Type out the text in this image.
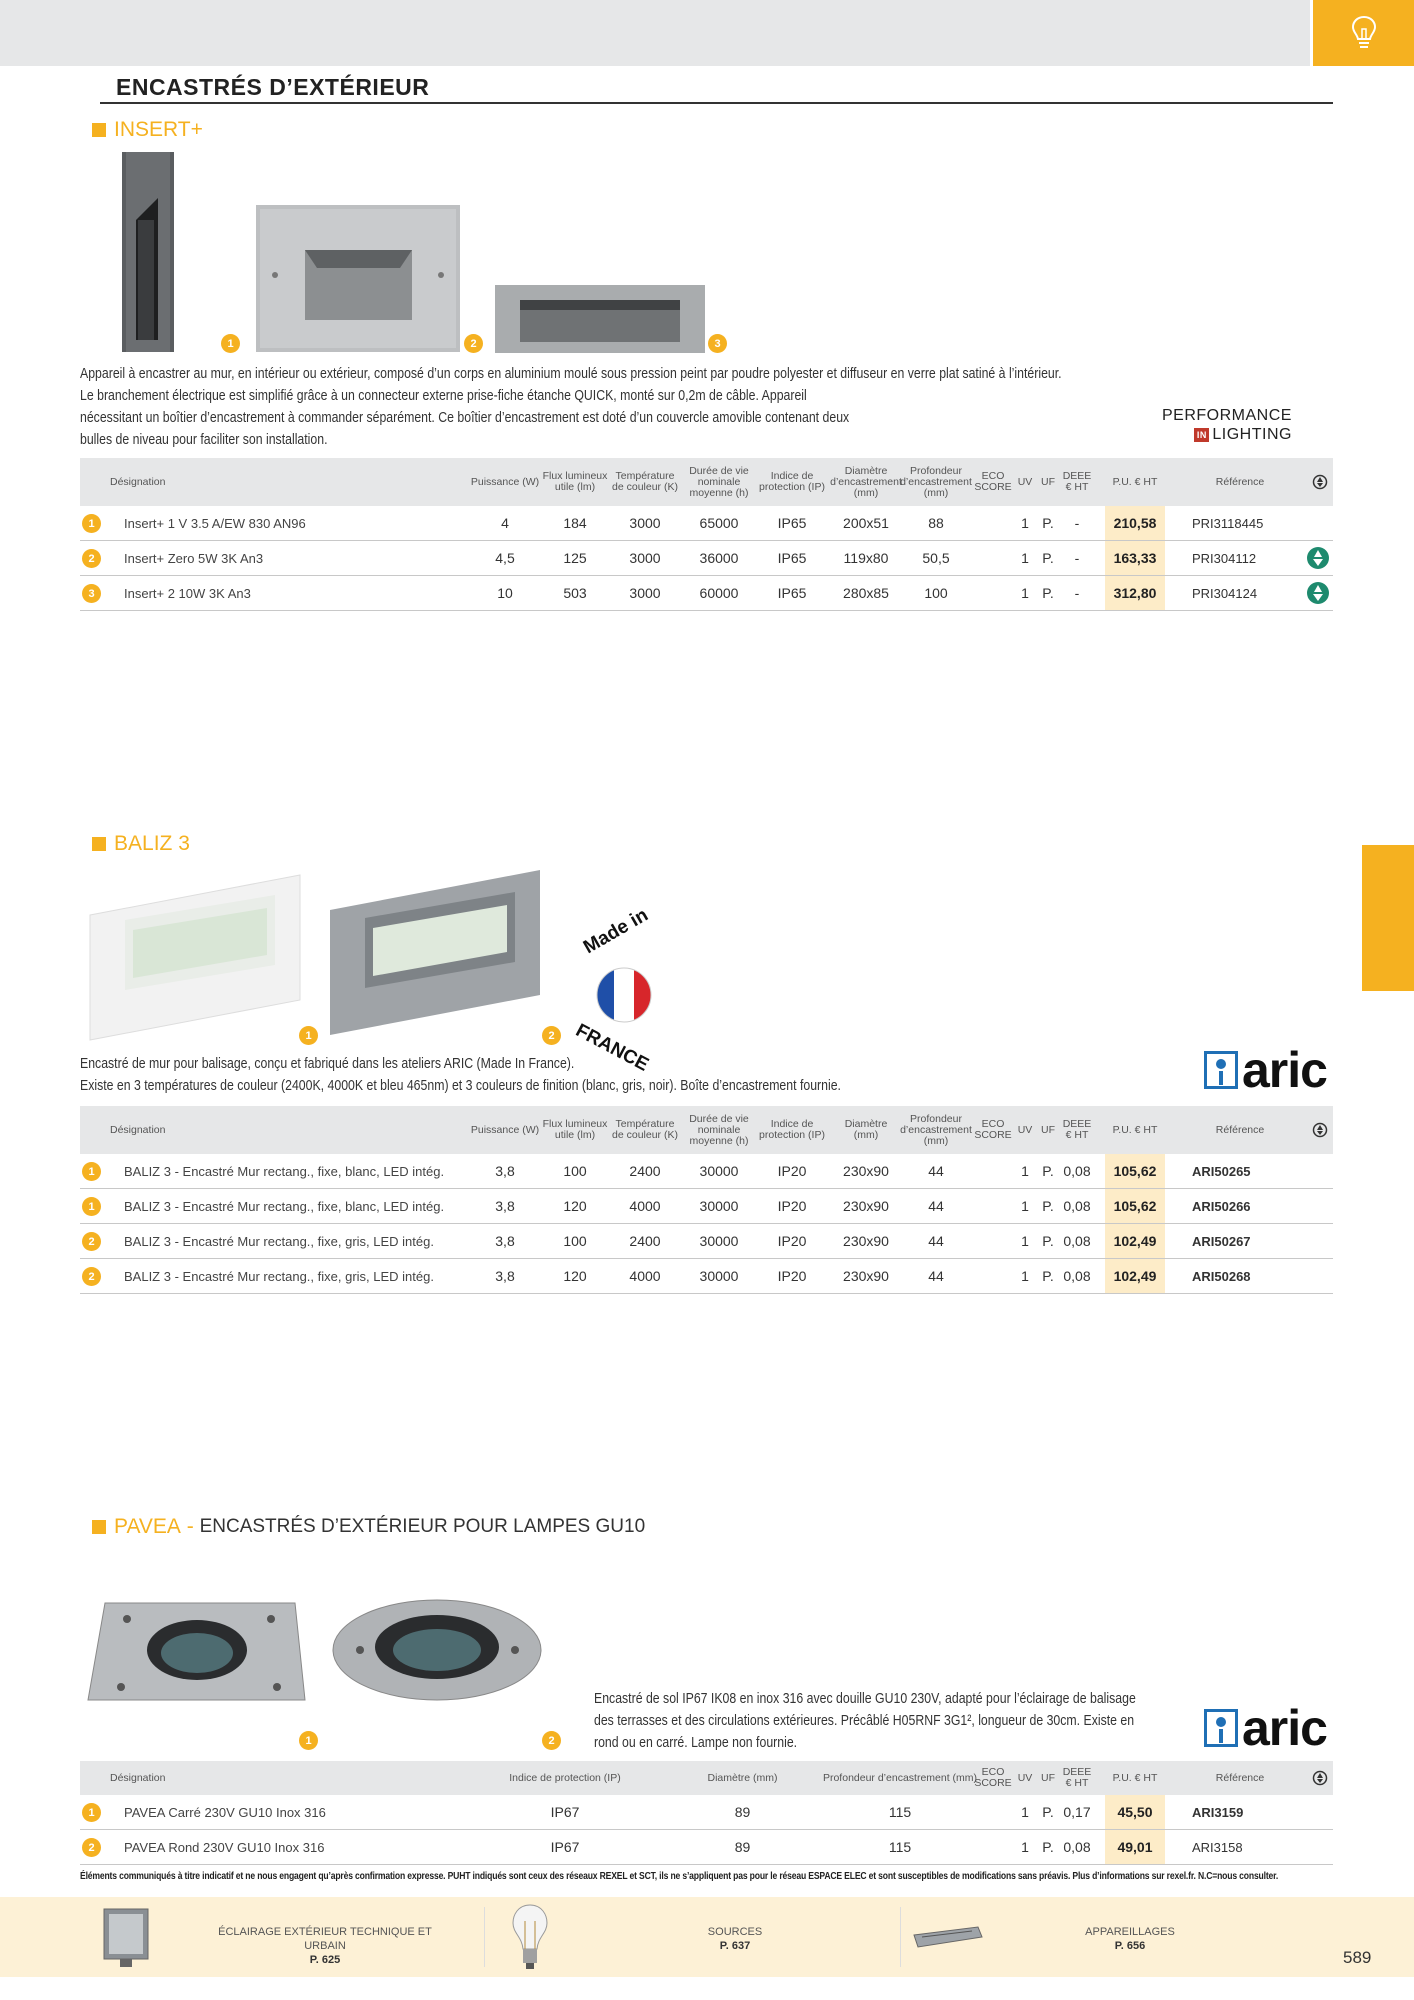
ENCASTRÉS D’EXTÉRIEUR
INSERT+
1	2	3
Appareil à encastrer au mur, en intérieur ou extérieur, composé d’un corps en aluminium moulé sous pression peint par poudre polyester et diffuseur en verre plat satiné à l’intérieur.
Le branchement électrique est simplifié grâce à un connecteur externe prise-fiche étanche QUICK, monté sur 0,2m de câble. Appareil
nécessitant un boîtier d’encastrement à commander séparément. Ce boîtier d’encastrement est doté d’un couvercle amovible contenant deux
bulles de niveau pour faciliter son installation.
PERFORMANCE
IN LIGHTING
Désignation	Puissance (W) Flux lumineux utile (lm)
Température de couleur (K)
Durée de vie nominale moyenne (h)
Indice de protection (IP)
Diamètre d’encastrement (mm)
Profondeur d’encastrement (mm)
ECO SCORE UV UF DEEE € HT	P.U. € HT	Référence
1	Insert+ 1 V 3.5 A/EW 830 AN96	4	184	3000	65000	IP65	200x51	88	1 P.	-	210,58	PRI3118445
2	Insert+ Zero 5W 3K An3	4,5	125	3000	36000	IP65	119x80	50,5	1 P.	-	163,33	PRI304112
3	Insert+ 2 10W 3K An3	10	503	3000	60000	IP65	280x85	100	1 P.	-	312,80	PRI304124
BALIZ 3
1	2
Made in
FRANCE
Encastré de mur pour balisage, conçu et fabriqué dans les ateliers ARIC (Made In France).
Existe en 3 températures de couleur (2400K, 4000K et bleu 465nm) et 3 couleurs de finition (blanc, gris, noir). Boîte d’encastrement fournie.	aric
Désignation	Puissance (W) Flux lumineux utile (lm)
Température de couleur (K)
Durée de vie nominale moyenne (h)
Indice de protection (IP)
Diamètre (mm)
Profondeur d’encastrement (mm)
ECO SCORE UV UF DEEE € HT	P.U. € HT	Référence
1	BALIZ 3 - Encastré Mur rectang., fixe, blanc, LED intég.	3,8	100	2400	30000	IP20	230x90	44	1 P. 0,08	105,62	ARI50265
1	BALIZ 3 - Encastré Mur rectang., fixe, blanc, LED intég.	3,8	120	4000	30000	IP20	230x90	44	1 P. 0,08	105,62	ARI50266
2	BALIZ 3 - Encastré Mur rectang., fixe, gris, LED intég.	3,8	100	2400	30000	IP20	230x90	44	1 P. 0,08	102,49	ARI50267
2	BALIZ 3 - Encastré Mur rectang., fixe, gris, LED intég.	3,8	120	4000	30000	IP20	230x90	44	1 P. 0,08	102,49	ARI50268
PAVEA - ENCASTRÉS D’EXTÉRIEUR POUR LAMPES GU10
1	2
Encastré de sol IP67 IK08 en inox 316 avec douille GU10 230V, adapté pour l’éclairage de balisage
des terrasses et des circulations extérieures. Précâblé H05RNF 3G1², longueur de 30cm. Existe en
rond ou en carré. Lampe non fournie.	aric
Désignation	Indice de protection (IP)	Diamètre (mm)	Profondeur d’encastrement (mm) ECO SCORE UV UF DEEE € HT	P.U. € HT	Référence
1	PAVEA Carré 230V GU10 Inox 316	IP67	89	115	1 P. 0,17	45,50	ARI3159
2	PAVEA Rond 230V GU10 Inox 316	IP67	89	115	1 P. 0,08	49,01	ARI3158
Éléments communiqués à titre indicatif et ne nous engagent qu’après confirmation expresse. PUHT indiqués sont ceux des réseaux REXEL et SCT, ils ne s’appliquent pas pour le réseau ESPACE ELEC et sont susceptibles de modifications sans préavis. Plus d’informations sur rexel.fr. N.C=nous consulter.
ÉCLAIRAGE EXTÉRIEUR TECHNIQUE ET URBAIN
P. 625
SOURCES
P. 637
APPAREILLAGES
P. 656
589
